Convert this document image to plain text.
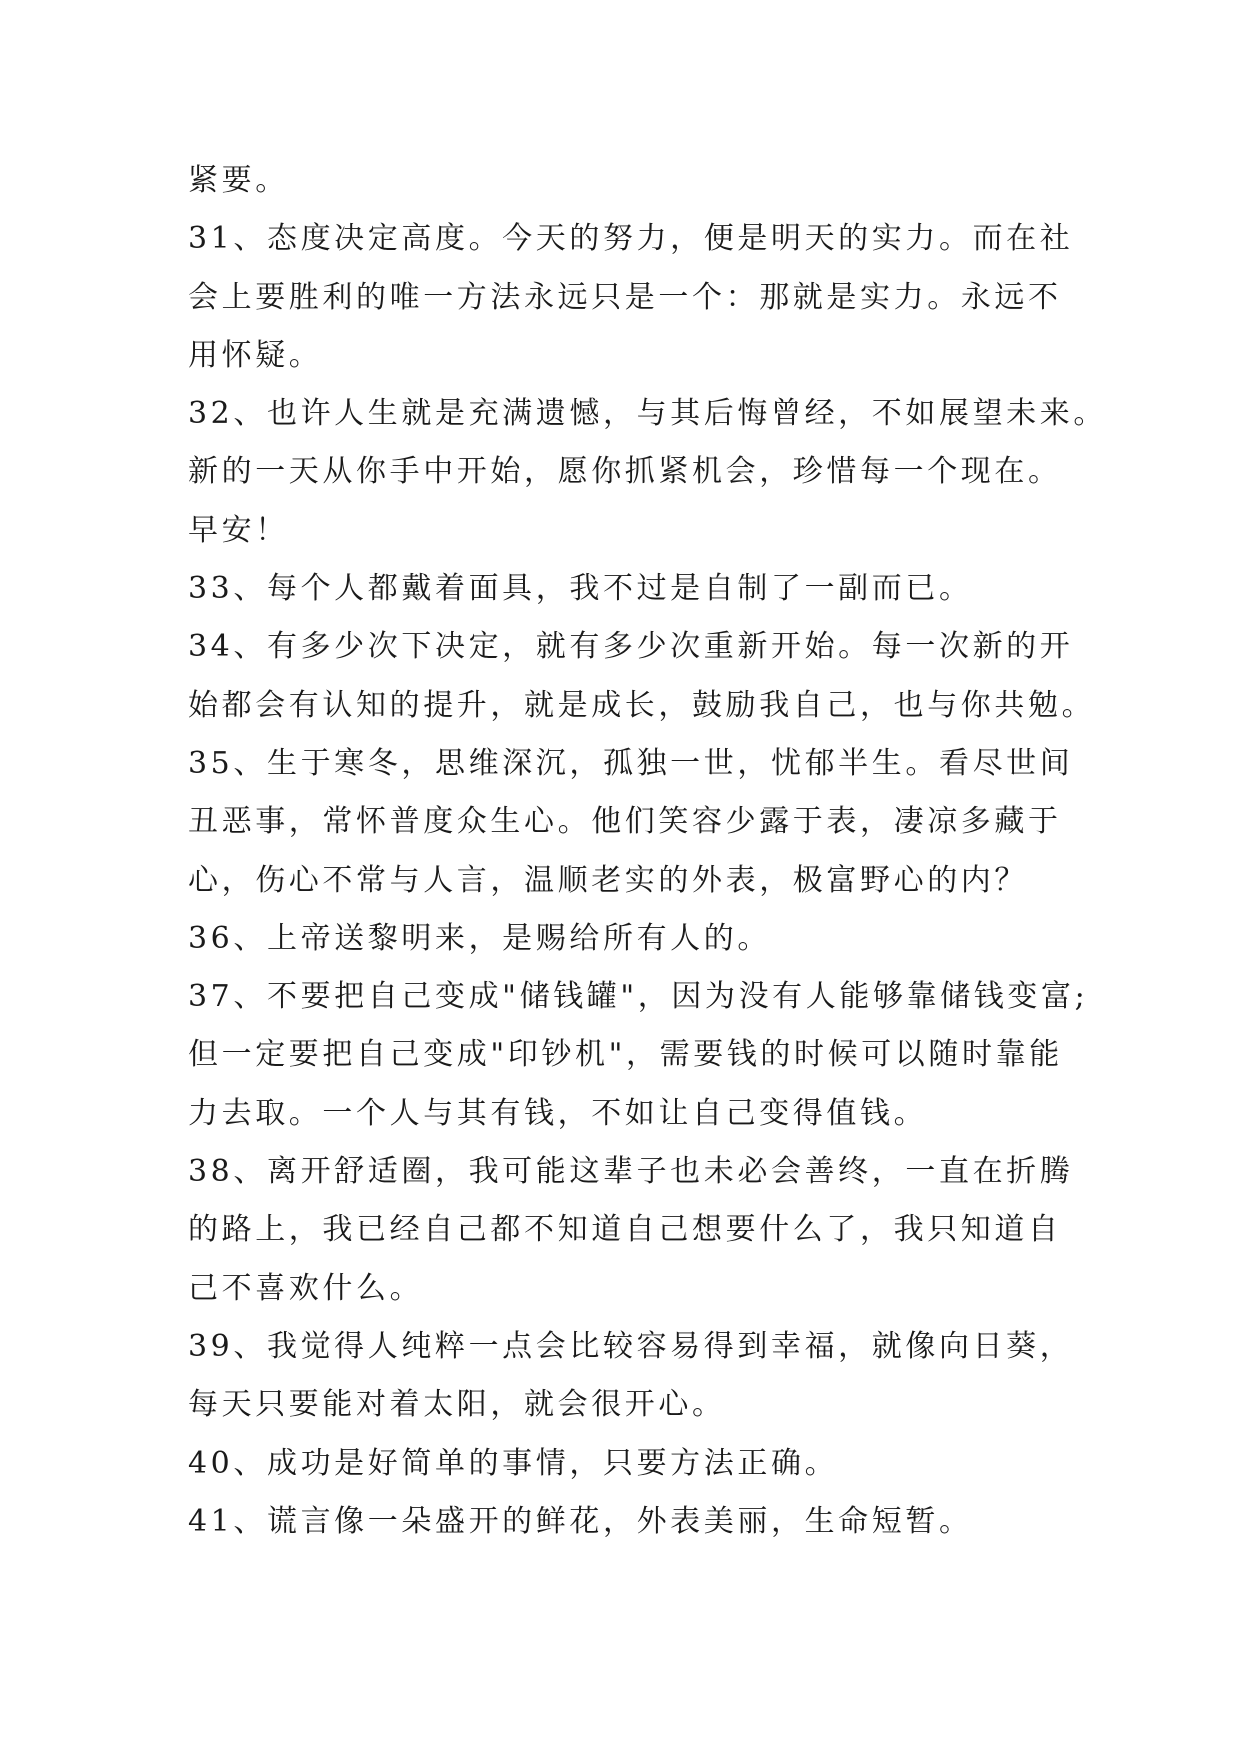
紧要。
31、态度决定高度。今天的努力，便是明天的实力。而在社
会上要胜利的唯一方法永远只是一个：那就是实力。永远不
用怀疑。
32、也许人生就是充满遗憾，与其后悔曾经，不如展望未来。
新的一天从你手中开始，愿你抓紧机会，珍惜每一个现在。
早安！
33、每个人都戴着面具，我不过是自制了一副而已。
34、有多少次下决定，就有多少次重新开始。每一次新的开
始都会有认知的提升，就是成长，鼓励我自己，也与你共勉。
35、生于寒冬，思维深沉，孤独一世，忧郁半生。看尽世间
丑恶事，常怀普度众生心。他们笑容少露于表，凄凉多藏于
心，伤心不常与人言，温顺老实的外表，极富野心的内？
36、上帝送黎明来，是赐给所有人的。
37、不要把自己变成"储钱罐"，因为没有人能够靠储钱变富;
但一定要把自己变成"印钞机"，需要钱的时候可以随时靠能
力去取。一个人与其有钱，不如让自己变得值钱。
38、离开舒适圈，我可能这辈子也未必会善终，一直在折腾
的路上，我已经自己都不知道自己想要什么了，我只知道自
己不喜欢什么。
39、我觉得人纯粹一点会比较容易得到幸福，就像向日葵，
每天只要能对着太阳，就会很开心。
40、成功是好简单的事情，只要方法正确。
41、谎言像一朵盛开的鲜花，外表美丽，生命短暂。
